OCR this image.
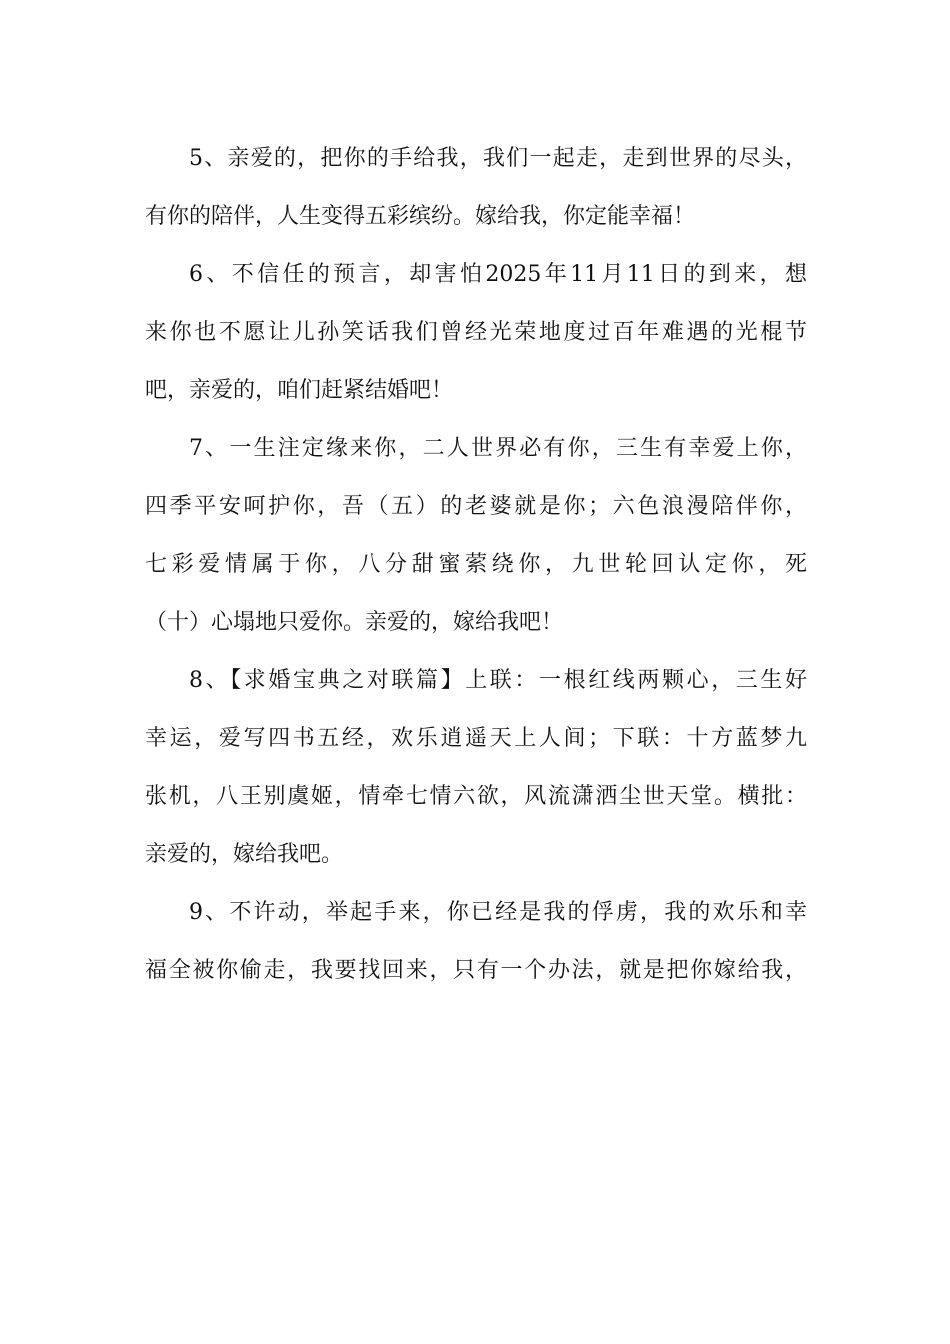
5、亲爱的，把你的手给我，我们一起走，走到世界的尽头，
有你的陪伴，人生变得五彩缤纷。嫁给我，你定能幸福！
6、不信任的预言，却害怕2025年11月11日的到来，想
来你也不愿让儿孙笑话我们曾经光荣地度过百年难遇的光棍节
吧，亲爱的，咱们赶紧结婚吧！
7、一生注定缘来你，二人世界必有你，三生有幸爱上你，
四季平安呵护你，吾（五）的老婆就是你；六色浪漫陪伴你，
七彩爱情属于你，八分甜蜜萦绕你，九世轮回认定你，死
（十）心塌地只爱你。亲爱的，嫁给我吧！
8、【求婚宝典之对联篇】上联：一根红线两颗心，三生好
幸运，爱写四书五经，欢乐逍遥天上人间；下联：十方蓝梦九
张机，八王别虞姬，情牵七情六欲，风流潇洒尘世天堂。横批：
亲爱的，嫁给我吧。
9、不许动，举起手来，你已经是我的俘虏，我的欢乐和幸
福全被你偷走，我要找回来，只有一个办法，就是把你嫁给我，
